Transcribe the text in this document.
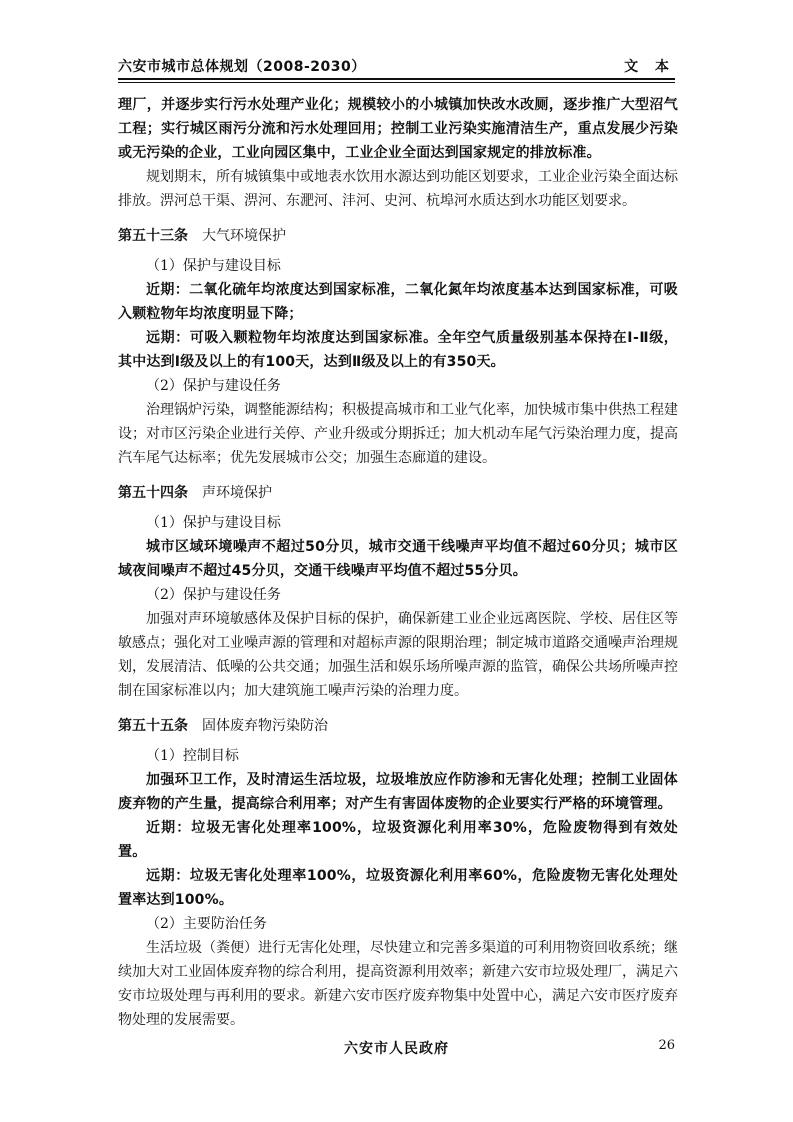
六安市城市总体规划（2008-2030）	文 本

理厂，并逐步实行污水处理产业化；规模较小的小城镇加快改水改厕，逐步推广大型沼气工程；实行城区雨污分流和污水处理回用；控制工业污染实施清洁生产，重点发展少污染或无污染的企业，工业向园区集中，工业企业全面达到国家规定的排放标准。

规划期末，所有城镇集中或地表水饮用水源达到功能区划要求，工业企业污染全面达标排放。淠河总干渠、淠河、东淝河、沣河、史河、杭埠河水质达到水功能区划要求。

第五十三条 大气环境保护

（1）保护与建设目标

近期：二氧化硫年均浓度达到国家标准，二氧化氮年均浓度基本达到国家标准，可吸入颗粒物年均浓度明显下降；

远期：可吸入颗粒物年均浓度达到国家标准。全年空气质量级别基本保持在Ⅰ-Ⅱ级，其中达到Ⅰ级及以上的有100天，达到Ⅱ级及以上的有350天。

（2）保护与建设任务

治理锅炉污染，调整能源结构；积极提高城市和工业气化率，加快城市集中供热工程建设；对市区污染企业进行关停、产业升级或分期拆迁；加大机动车尾气污染治理力度，提高汽车尾气达标率；优先发展城市公交；加强生态廊道的建设。

第五十四条 声环境保护

（1）保护与建设目标

城市区域环境噪声不超过50分贝，城市交通干线噪声平均值不超过60分贝；城市区域夜间噪声不超过45分贝，交通干线噪声平均值不超过55分贝。

（2）保护与建设任务

加强对声环境敏感体及保护目标的保护，确保新建工业企业远离医院、学校、居住区等敏感点；强化对工业噪声源的管理和对超标声源的限期治理；制定城市道路交通噪声治理规划，发展清洁、低噪的公共交通；加强生活和娱乐场所噪声源的监管，确保公共场所噪声控制在国家标准以内；加大建筑施工噪声污染的治理力度。

第五十五条 固体废弃物污染防治

（1）控制目标

加强环卫工作，及时清运生活垃圾，垃圾堆放应作防渗和无害化处理；控制工业固体废弃物的产生量，提高综合利用率；对产生有害固体废物的企业要实行严格的环境管理。

近期：垃圾无害化处理率100%，垃圾资源化利用率30%，危险废物得到有效处置。

远期：垃圾无害化处理率100%，垃圾资源化利用率60%，危险废物无害化处理处置率达到100%。

（2）主要防治任务

生活垃圾（粪便）进行无害化处理，尽快建立和完善多渠道的可利用物资回收系统；继续加大对工业固体废弃物的综合利用，提高资源利用效率；新建六安市垃圾处理厂，满足六安市垃圾处理与再利用的要求。新建六安市医疗废弃物集中处置中心，满足六安市医疗废弃物处理的发展需要。

六安市人民政府	26
